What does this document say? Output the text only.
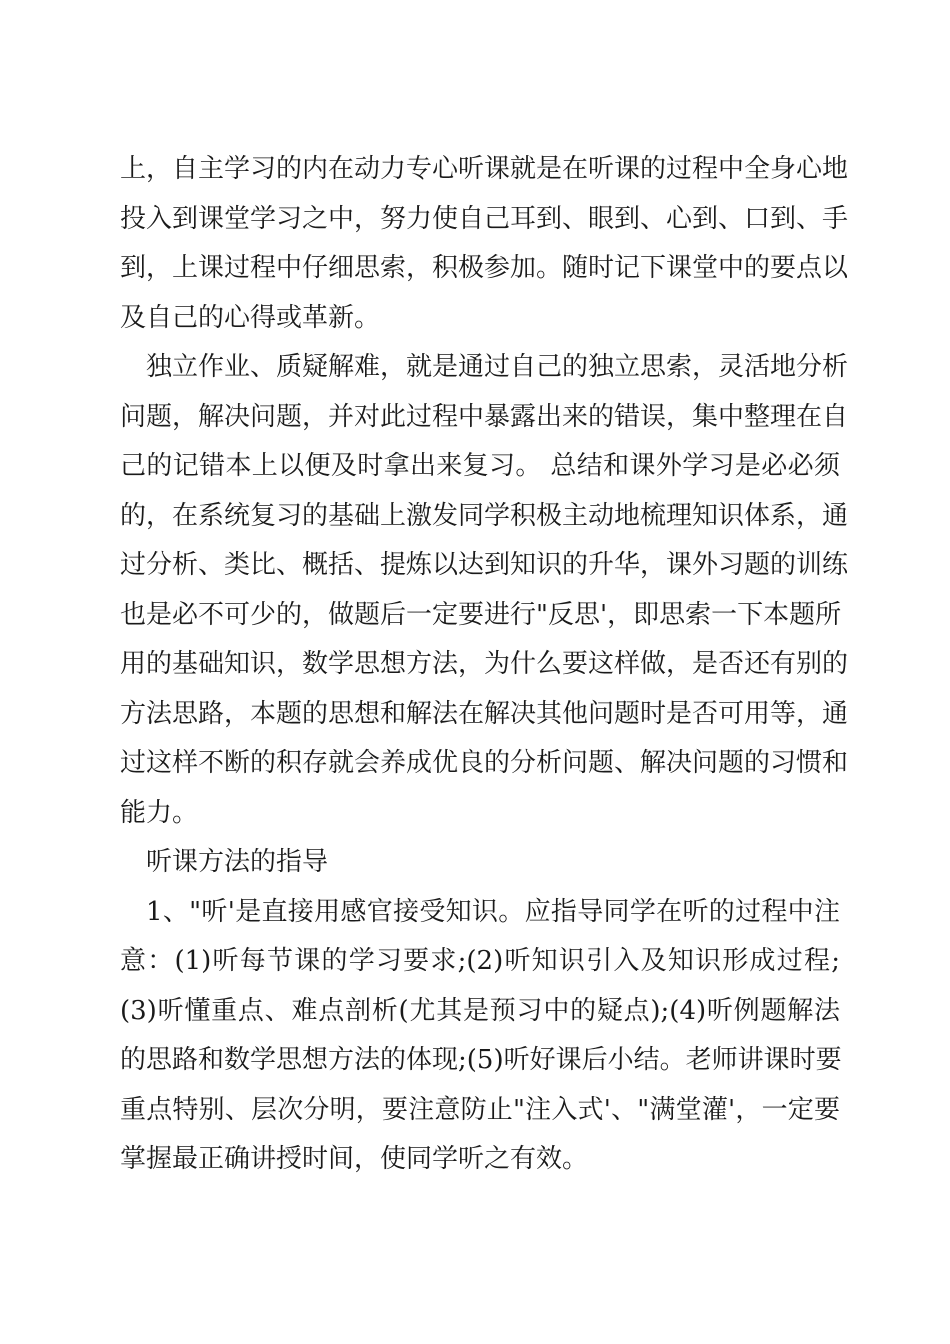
上，自主学习的内在动力专心听课就是在听课的过程中全身心地
投入到课堂学习之中，努力使自己耳到、眼到、心到、口到、手
到，上课过程中仔细思索，积极参加。随时记下课堂中的要点以
及自己的心得或革新。
独立作业、质疑解难，就是通过自己的独立思索，灵活地分析
问题，解决问题，并对此过程中暴露出来的错误，集中整理在自
己的记错本上以便及时拿出来复习。 总结和课外学习是必必须
的，在系统复习的基础上激发同学积极主动地梳理知识体系，通
过分析、类比、概括、提炼以达到知识的升华，课外习题的训练
也是必不可少的，做题后一定要进行"反思'，即思索一下本题所
用的基础知识，数学思想方法，为什么要这样做，是否还有别的
方法思路，本题的思想和解法在解决其他问题时是否可用等，通
过这样不断的积存就会养成优良的分析问题、解决问题的习惯和
能力。
听课方法的指导
1、"听'是直接用感官接受知识。应指导同学在听的过程中注
意：(1)听每节课的学习要求;(2)听知识引入及知识形成过程;
(3)听懂重点、难点剖析(尤其是预习中的疑点);(4)听例题解法
的思路和数学思想方法的体现;(5)听好课后小结。老师讲课时要
重点特别、层次分明，要注意防止"注入式'、"满堂灌'，一定要
掌握最正确讲授时间，使同学听之有效。
